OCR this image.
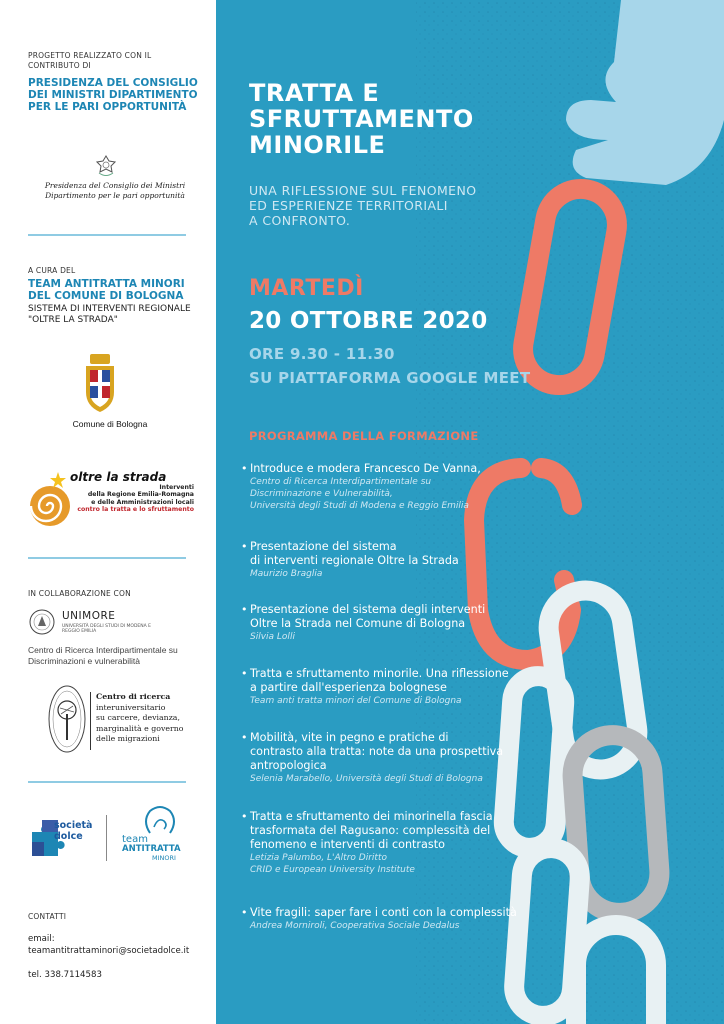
PROGETTO REALIZZATO CON IL CONTRIBUTO DI
PRESIDENZA DEL CONSIGLIO DEI MINISTRI DIPARTIMENTO PER LE PARI OPPORTUNITÀ
Presidenza del Consiglio dei Ministri
Dipartimento per le pari opportunità
A CURA DEL
TEAM ANTITRATTA MINORI DEL COMUNE DI BOLOGNA
SISTEMA DI INTERVENTI REGIONALE "OLTRE LA STRADA"
Comune di Bologna
oltre la strada
Interventi
della Regione Emilia-Romagna
e delle Amministrazioni locali
contro la tratta e lo sfruttamento
IN COLLABORAZIONE CON
UNIMORE
UNIVERSITÀ DEGLI STUDI DI MODENA E REGGIO EMILIA
Centro di Ricerca Interdipartimentale su Discriminazioni e vulnerabilità
Centro di ricerca
interuniversitario
su carcere, devianza,
marginalità e governo
delle migrazioni
società dolce	team
ANTITRATTA
MINORI
CONTATTI
email:
teamantitrattaminori@societadolce.it
tel. 338.7114583
TRATTA E
SFRUTTAMENTO
MINORILE
UNA RIFLESSIONE SUL FENOMENO
ED ESPERIENZE TERRITORIALI
A CONFRONTO.
MARTEDÌ
20 OTTOBRE 2020
ORE 9.30 - 11.30
SU PIATTAFORMA GOOGLE MEET
PROGRAMMA DELLA FORMAZIONE
• Introduce e modera Francesco De Vanna,
Centro di Ricerca Interdipartimentale su
Discriminazione e Vulnerabilità,
Università degli Studi di Modena e Reggio Emilia
• Presentazione del sistema
di interventi regionale Oltre la Strada
Maurizio Braglia
• Presentazione del sistema degli interventi
Oltre la Strada nel Comune di Bologna
Silvia Lolli
• Tratta e sfruttamento minorile. Una riflessione
a partire dall'esperienza bolognese
Team anti tratta minori del Comune di Bologna
• Mobilità, vite in pegno e pratiche di
contrasto alla tratta: note da una prospettiva
antropologica
Selenia Marabello, Università degli Studi di Bologna
• Tratta e sfruttamento dei minorinella fascia
trasformata del Ragusano: complessità del
fenomeno e interventi di contrasto
Letizia Palumbo, L'Altro Diritto
CRID e European University Institute
• Vite fragili: saper fare i conti con la complessità
Andrea Morniroli, Cooperativa Sociale Dedalus
